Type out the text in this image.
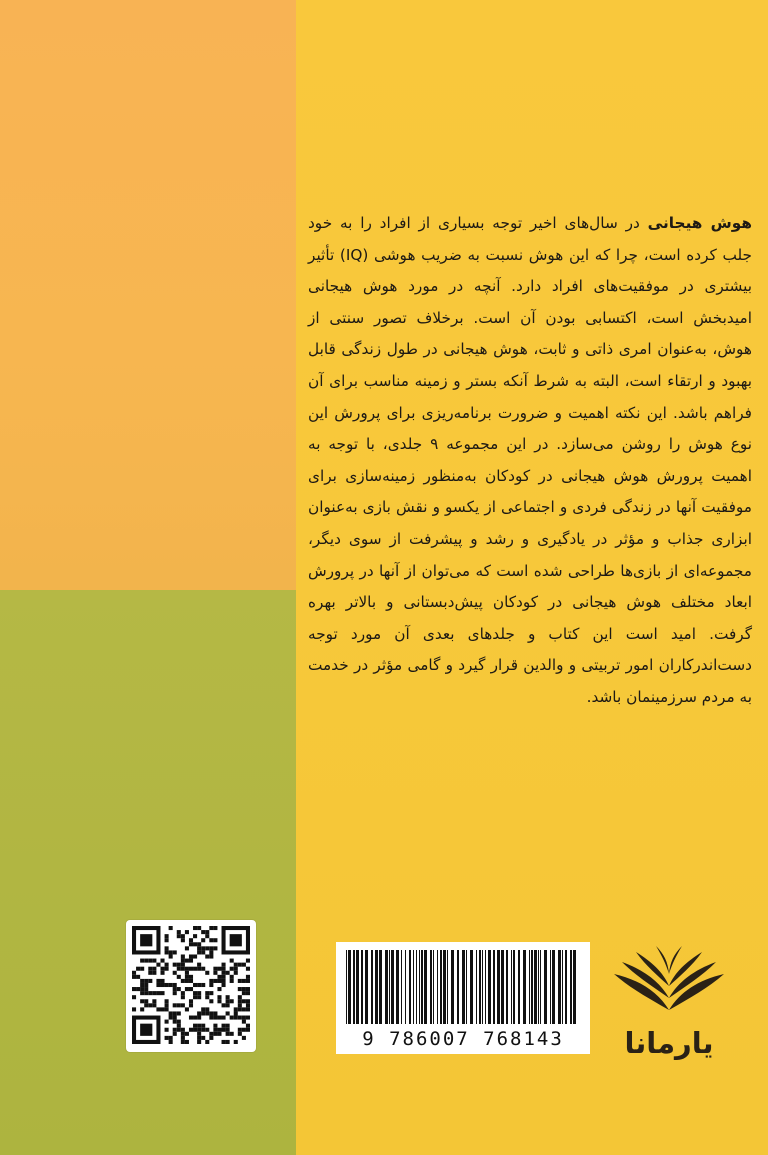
هوش هیجانی در سال‌های اخیر توجه بسیاری از افراد را به خود جلب کرده است، چرا که این هوش نسبت به ضریب هوشی (IQ) تأثیر بیشتری در موفقیت‌های افراد دارد. آنچه در مورد هوش هیجانی امیدبخش است، اکتسابی بودن آن است. برخلاف تصور سنتی از هوش، به‌عنوان امری ذاتی و ثابت، هوش هیجانی در طول زندگی قابل بهبود و ارتقاء است، البته به شرط آنکه بستر و زمینه مناسب برای آن فراهم باشد. این نکته اهمیت و ضرورت برنامه‌ریزی برای پرورش این نوع هوش را روشن می‌سازد. در این مجموعه ۹ جلدی، با توجه به اهمیت پرورش هوش هیجانی در کودکان به‌منظور زمینه‌سازی برای موفقیت آنها در زندگی فردی و اجتماعی از یکسو و نقش بازی به‌عنوان ابزاری جذاب و مؤثر در یادگیری و رشد و پیشرفت از سوی دیگر، مجموعه‌ای از بازی‌ها طراحی شده است که می‌توان از آنها در پرورش ابعاد مختلف هوش هیجانی در کودکان پیش‌دبستانی و بالاتر بهره گرفت. امید است این کتاب و جلدهای بعدی آن مورد توجه دست‌اندرکاران امور تربیتی و والدین قرار گیرد و گامی مؤثر در خدمت به مردم سرزمینمان باشد.

9 786007 768143	یارمانا
